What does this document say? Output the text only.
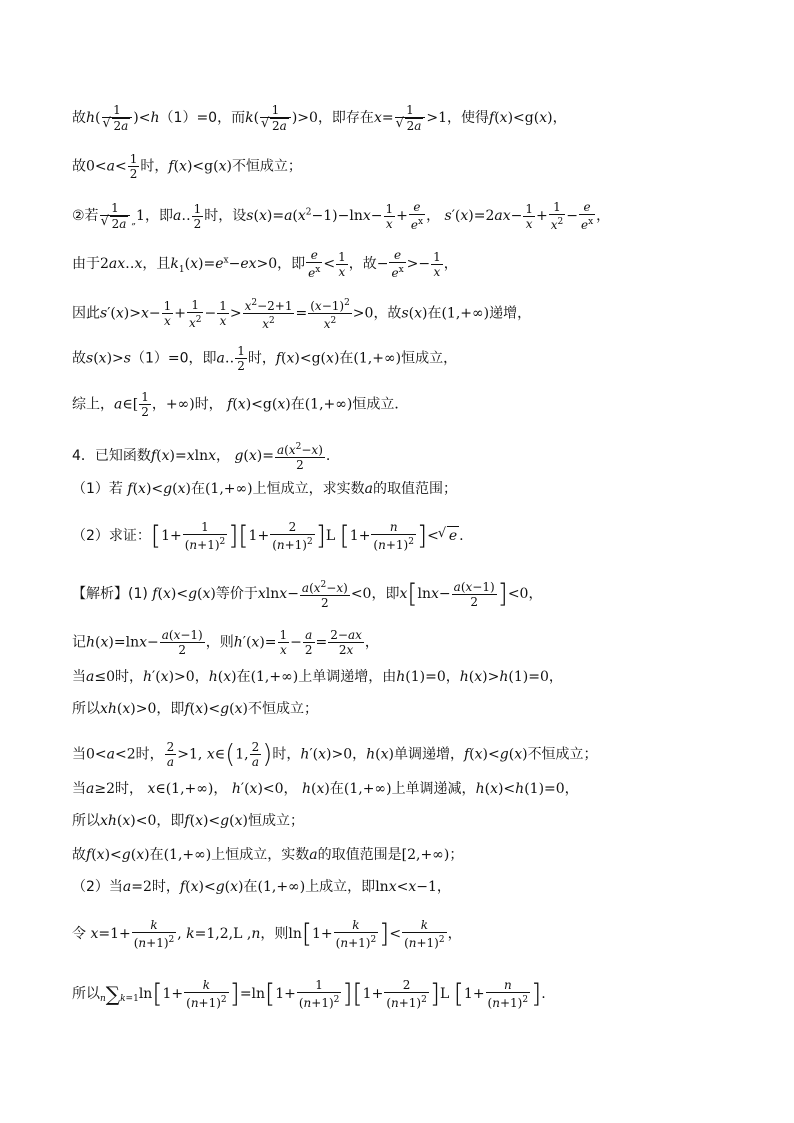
故h( 1
√ 2a )<h（1）=0，而k( 1
√ 2a )>0，即存在x= 1
√ 2a >1，使得f(x)<g(x)，
故$0<a< \frac{1}{2}$ 时，f(x)<g(x)不恒成立；
②若 1
√ 2a $_„$1，即a‥ $\frac{1}{2}$ 时，设$s(x)=a(x^2-1)-\ln x- \frac{1}{x} + \frac{e}{e^x}$ ， $s'(x)=2ax- \frac{1}{x} + \frac{1}{x^2} - \frac{e}{e^x}$ ，
由于2ax‥x，且$k_1(x)=e^x-ex>0$，即 $\frac{e}{e^x} < \frac{1}{x}$ ，故− $\frac{e}{e^x} >- \frac{1}{x}$ ，
因此$s'(x)>x- \frac{1}{x} + \frac{1}{x^2} - \frac{1}{x} > \frac{x^2-2+1}{x^2} = \frac{(x-1)^2}{x^2} >0$，故s(x)在(1,+∞)递增，
故s(x)>s（1）=0，即a‥ $\frac{1}{2}$ 时，f(x)<g(x)在(1,+∞)恒成立，
综上，a∈[ $\frac{1}{2}$ ，+∞)时， f(x)<g(x)在(1,+∞)恒成立．
4．已知函数f(x)=xlnx， $g(x)= \frac{a(x^2-x)}{2}$ .
（1）若 f(x)<g(x)在(1,+∞)上恒成立，求实数a的取值范围；
（2）求证：$[1+ \frac{1}{(n+1)^2} ][1+ \frac{2}{(n+1)^2} ]L$ [$1+ \frac{n}{(n+1)^2}$ ]<√ e .
【解析】(1) f(x)<g(x)等价于$xlnx- \frac{a(x^2-x)}{2} <0$，即$x[\ln x- \frac{a(x-1)}{2} ]<0$，
记$h(x)=\ln x- \frac{a(x-1)}{2}$ ，则$h'(x)= \frac{1}{x} - \frac{a}{2} = \frac{2-ax}{2x}$ ，
当a≤0时，h′(x)>0，h(x)在(1,+∞)上单调递增，由h(1)=0，h(x)>h(1)=0，
所以xh(x)>0，即f(x)<g(x)不恒成立；
当0<a<2时， $\frac{2}{a} >1$, x∈(1, $\frac{2}{a}$ )时，h′(x)>0，h(x)单调递增，f(x)<g(x)不恒成立；
当a≥2时， x∈(1,+∞)， h′(x)<0， h(x)在(1,+∞)上单调递减，h(x)<h(1)=0，
所以xh(x)<0，即f(x)<g(x)恒成立；
故f(x)<g(x)在(1,+∞)上恒成立，实数a的取值范围是[2,+∞)；
（2）当a=2时，f(x)<g(x)在(1,+∞)上成立，即lnx<x−1，
令 $x=1+ \frac{k}{(n+1)^2}$ , k=1,2,L ,n，则$\ln[1+ \frac{k}{(n+1)^2}$ ]< $\frac{k}{(n+1)^2}$ ，
所以$n\sum k=1\ln[1+ \frac{k}{(n+1)^2} ]=\ln[1+ \frac{1}{(n+1)^2} ][1+ \frac{2}{(n+1)^2} ]L$ [$1+ \frac{n}{(n+1)^2}$ ].
